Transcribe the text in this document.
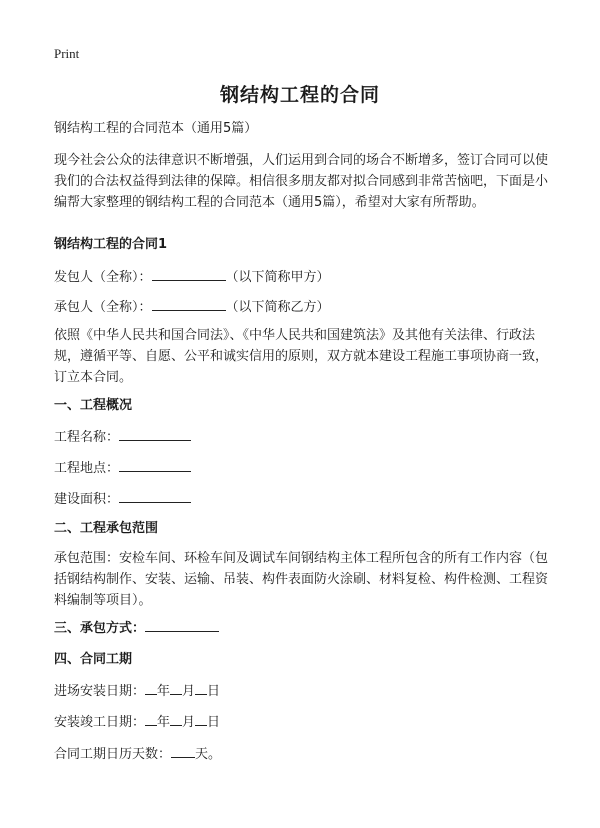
Print
钢结构工程的合同
钢结构工程的合同范本（通用5篇）
现今社会公众的法律意识不断增强，人们运用到合同的场合不断增多，签订合同可以使我们的合法权益得到法律的保障。相信很多朋友都对拟合同感到非常苦恼吧，下面是小编帮大家整理的钢结构工程的合同范本（通用5篇），希望对大家有所帮助。
钢结构工程的合同1
发包人（全称）：	（以下简称甲方）
承包人（全称）：	（以下简称乙方）
依照《中华人民共和国合同法》、《中华人民共和国建筑法》及其他有关法律、行政法规，遵循平等、自愿、公平和诚实信用的原则，双方就本建设工程施工事项协商一致，订立本合同。
一、工程概况
工程名称：
工程地点：
建设面积：
二、工程承包范围
承包范围：安检车间、环检车间及调试车间钢结构主体工程所包含的所有工作内容（包括钢结构制作、安装、运输、吊装、构件表面防火涂刷、材料复检、构件检测、工程资料编制等项目）。
三、承包方式：
四、合同工期
进场安装日期： 年 月 日
安装竣工日期： 年 月 日
合同工期日历天数： 天。
